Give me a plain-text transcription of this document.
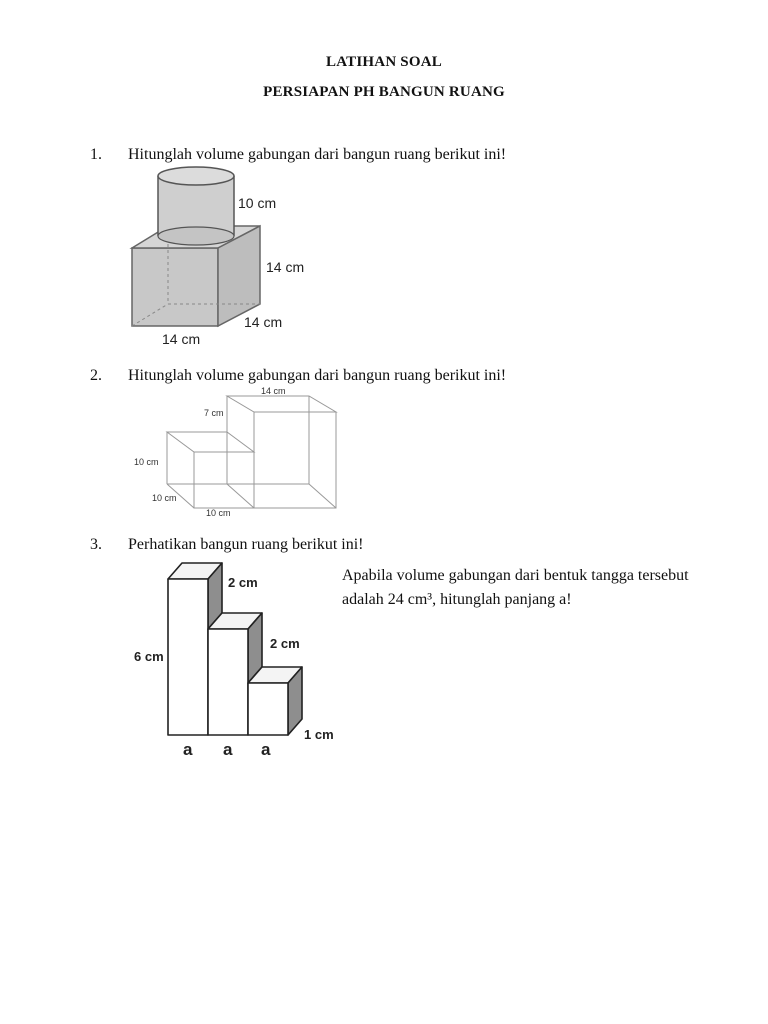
LATIHAN SOAL
PERSIAPAN PH BANGUN RUANG
1. Hitunglah volume gabungan dari bangun ruang berikut ini!
10 cm
14 cm
14 cm
14 cm
2. Hitunglah volume gabungan dari bangun ruang berikut ini!
14 cm
7 cm
10 cm
10 cm
10 cm
3. Perhatikan bangun ruang berikut ini!
Apabila volume gabungan dari bentuk tangga tersebut adalah 24 cm³, hitunglah panjang a!
2 cm
6 cm
2 cm
1 cm
a a a
